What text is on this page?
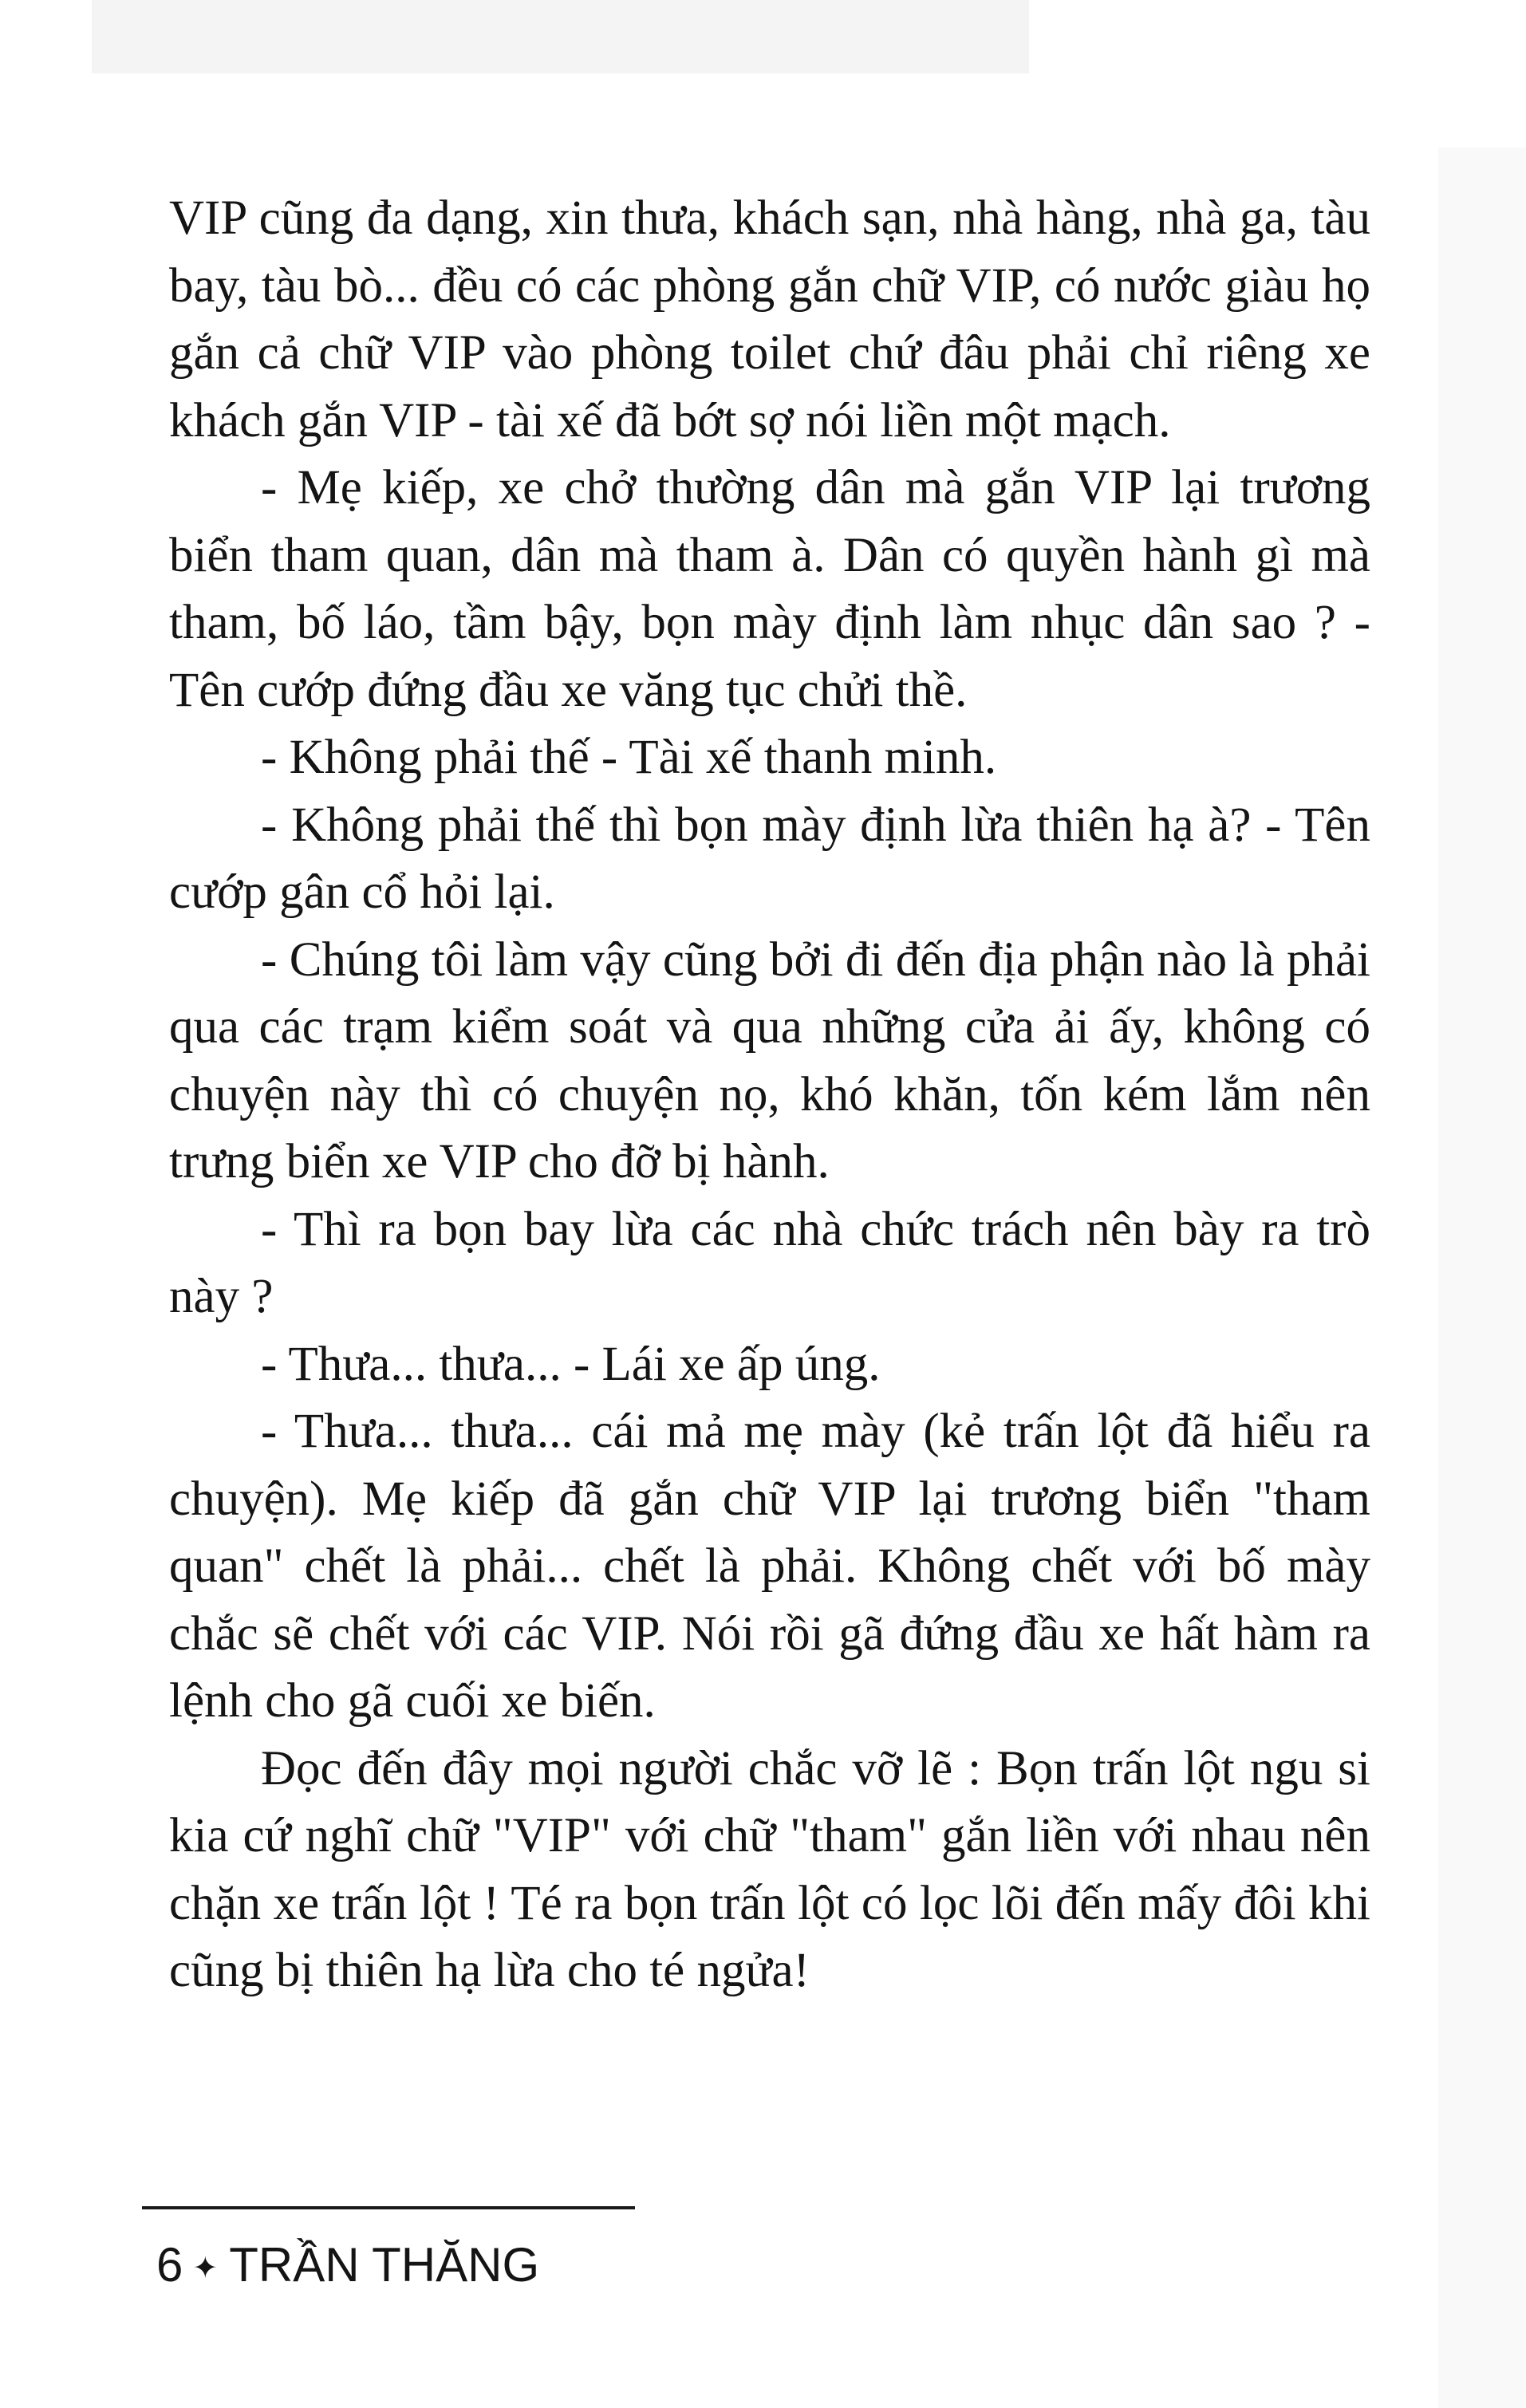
VIP cũng đa dạng, xin thưa, khách sạn, nhà hàng, nhà ga, tàu bay, tàu bò... đều có các phòng gắn chữ VIP, có nước giàu họ gắn cả chữ VIP vào phòng toilet chứ đâu phải chỉ riêng xe khách gắn VIP - tài xế đã bớt sợ nói liền một mạch.

- Mẹ kiếp, xe chở thường dân mà gắn VIP lại trương biển tham quan, dân mà tham à. Dân có quyền hành gì mà tham, bố láo, tầm bậy, bọn mày định làm nhục dân sao ? - Tên cướp đứng đầu xe văng tục chửi thề.

- Không phải thế - Tài xế thanh minh.

- Không phải thế thì bọn mày định lừa thiên hạ à? - Tên cướp gân cổ hỏi lại.

- Chúng tôi làm vậy cũng bởi đi đến địa phận nào là phải qua các trạm kiểm soát và qua những cửa ải ấy, không có chuyện này thì có chuyện nọ, khó khăn, tốn kém lắm nên trưng biển xe VIP cho đỡ bị hành.

- Thì ra bọn bay lừa các nhà chức trách nên bày ra trò này ?

- Thưa... thưa... - Lái xe ấp úng.

- Thưa... thưa... cái mả mẹ mày (kẻ trấn lột đã hiểu ra chuyện). Mẹ kiếp đã gắn chữ VIP lại trương biển "tham quan" chết là phải... chết là phải. Không chết với bố mày chắc sẽ chết với các VIP. Nói rồi gã đứng đầu xe hất hàm ra lệnh cho gã cuối xe biến.

Đọc đến đây mọi người chắc vỡ lẽ : Bọn trấn lột ngu si kia cứ nghĩ chữ "VIP" với chữ "tham" gắn liền với nhau nên chặn xe trấn lột ! Té ra bọn trấn lột có lọc lõi đến mấy đôi khi cũng bị thiên hạ lừa cho té ngửa!

6 ✦ TRẦN THĂNG
